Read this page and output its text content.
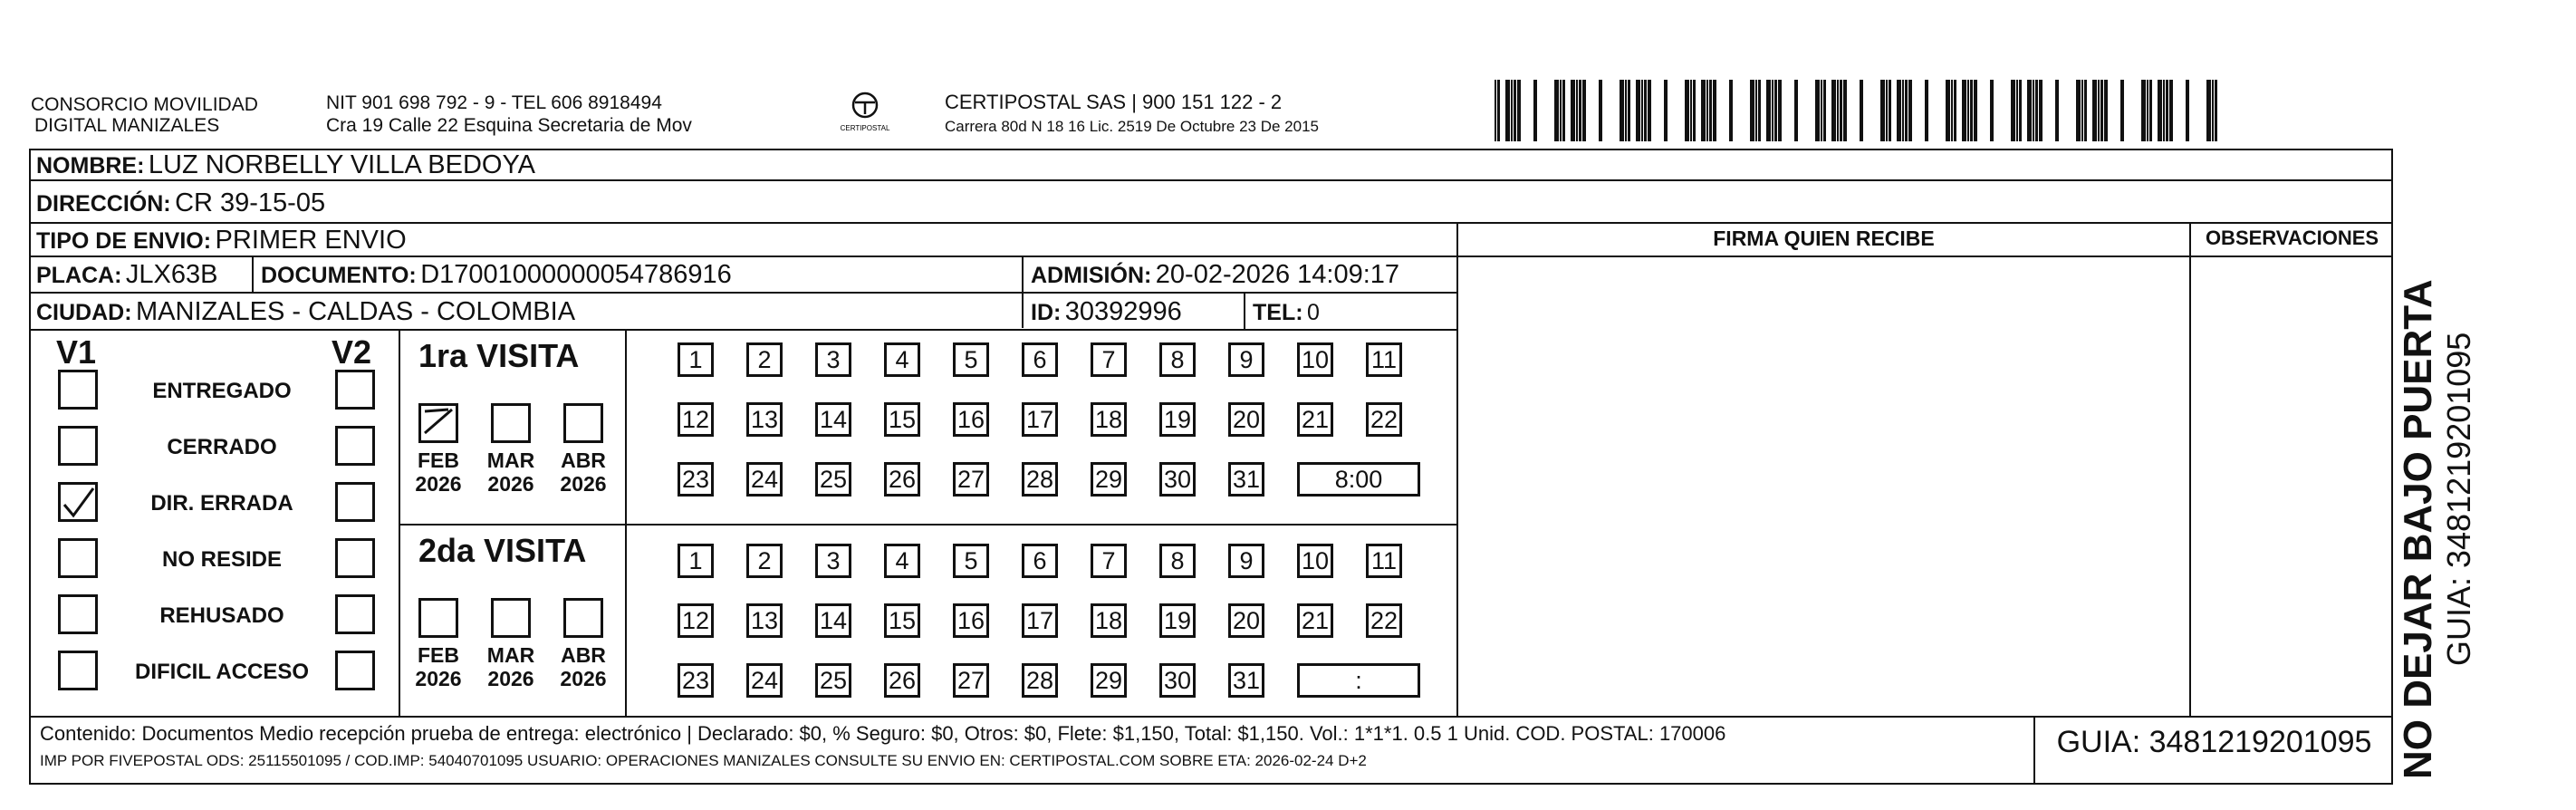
CONSORCIO MOVILIDAD
DIGITAL MANIZALES
NIT 901 698 792 - 9 - TEL 606 8918494
Cra 19 Calle 22 Esquina Secretaria de Mov	CERTIPOSTAL
CERTIPOSTAL SAS | 900 151 122 - 2
Carrera 80d N 18 16 Lic. 2519 De Octubre 23 De 2015
NOMBRE: LUZ NORBELLY VILLA BEDOYA
DIRECCIÓN: CR 39-15-05
TIPO DE ENVIO: PRIMER ENVIO
PLACA: JLX63B DOCUMENTO: D17001000000054786916	ADMISIÓN: 20-02-2026 14:09:17
CIUDAD: MANIZALES - CALDAS - COLOMBIA	ID: 30392996	TEL: 0
FIRMA QUIEN RECIBE	OBSERVACIONES
V1	V2
ENTREGADO
CERRADO
DIR. ERRADA
NO RESIDE
REHUSADO
DIFICIL ACCESO
1ra VISITA
2da VISITA
FEB
2026
MAR
2026
ABR
2026
FEB
2026
MAR
2026
ABR
2026
1	2	3	4	5	6	7	8	9	10 11
12 13 14 15 16 17 18 19 20 21 22
23 24 25 26 27 28 29 30 31	8:00
1	2	3	4	5	6	7	8	9	10 11
12 13 14 15 16 17 18 19 20 21 22
23 24 25 26 27 28 29 30 31	:
Contenido: Documentos Medio recepción prueba de entrega: electrónico | Declarado: $0, % Seguro: $0, Otros: $0, Flete: $1,150, Total: $1,150. Vol.: 1*1*1. 0.5 1 Unid. COD. POSTAL: 170006
IMP POR FIVEPOSTAL ODS: 25115501095 / COD.IMP: 54040701095 USUARIO: OPERACIONES MANIZALES CONSULTE SU ENVIO EN: CERTIPOSTAL.COM SOBRE ETA: 2026-02-24 D+2
GUIA: 3481219201095 NO DEJAR BAJO PUERTA GUIA: 3481219201095
